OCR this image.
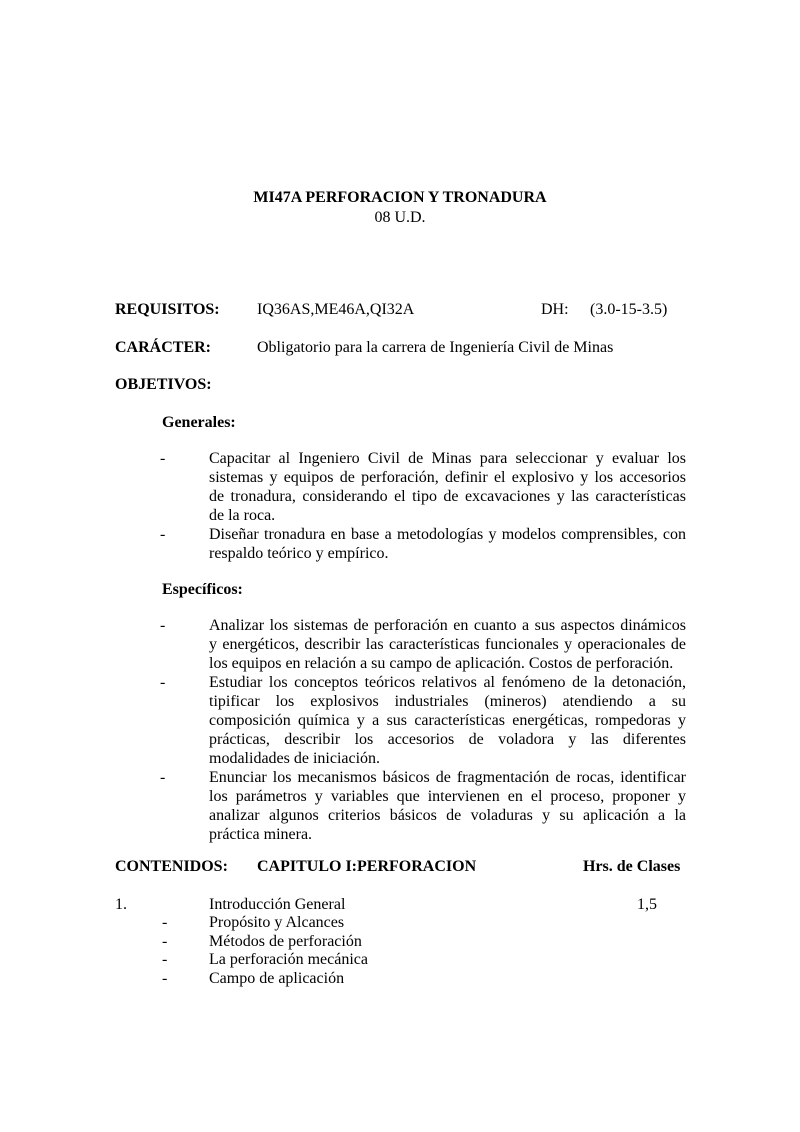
MI47A PERFORACION Y TRONADURA
08 U.D.
REQUISITOS: IQ36AS,ME46A,QI32A	DH: (3.0-15-3.5)
CARÁCTER:	Obligatorio para la carrera de Ingeniería Civil de Minas
OBJETIVOS:
Generales:
-	Capacitar al Ingeniero Civil de Minas para seleccionar y evaluar los
sistemas y equipos de perforación, definir el explosivo y los accesorios
de tronadura, considerando el tipo de excavaciones y las características
de la roca.
-	Diseñar tronadura en base a metodologías y modelos comprensibles, con
respaldo teórico y empírico.
Específicos:
-	Analizar los sistemas de perforación en cuanto a sus aspectos dinámicos
y energéticos, describir las características funcionales y operacionales de
los equipos en relación a su campo de aplicación. Costos de perforación.
-	Estudiar los conceptos teóricos relativos al fenómeno de la detonación,
tipificar los explosivos industriales (mineros) atendiendo a su
composición química y a sus características energéticas, rompedoras y
prácticas, describir los accesorios de voladora y las diferentes
modalidades de iniciación.
-	Enunciar los mecanismos básicos de fragmentación de rocas, identificar
los parámetros y variables que intervienen en el proceso, proponer y
analizar algunos criterios básicos de voladuras y su aplicación a la
práctica minera.
CONTENIDOS: CAPITULO I:PERFORACION	Hrs. de Clases
1.	Introducción General	1,5
-	Propósito y Alcances
-	Métodos de perforación
-	La perforación mecánica
-	Campo de aplicación
